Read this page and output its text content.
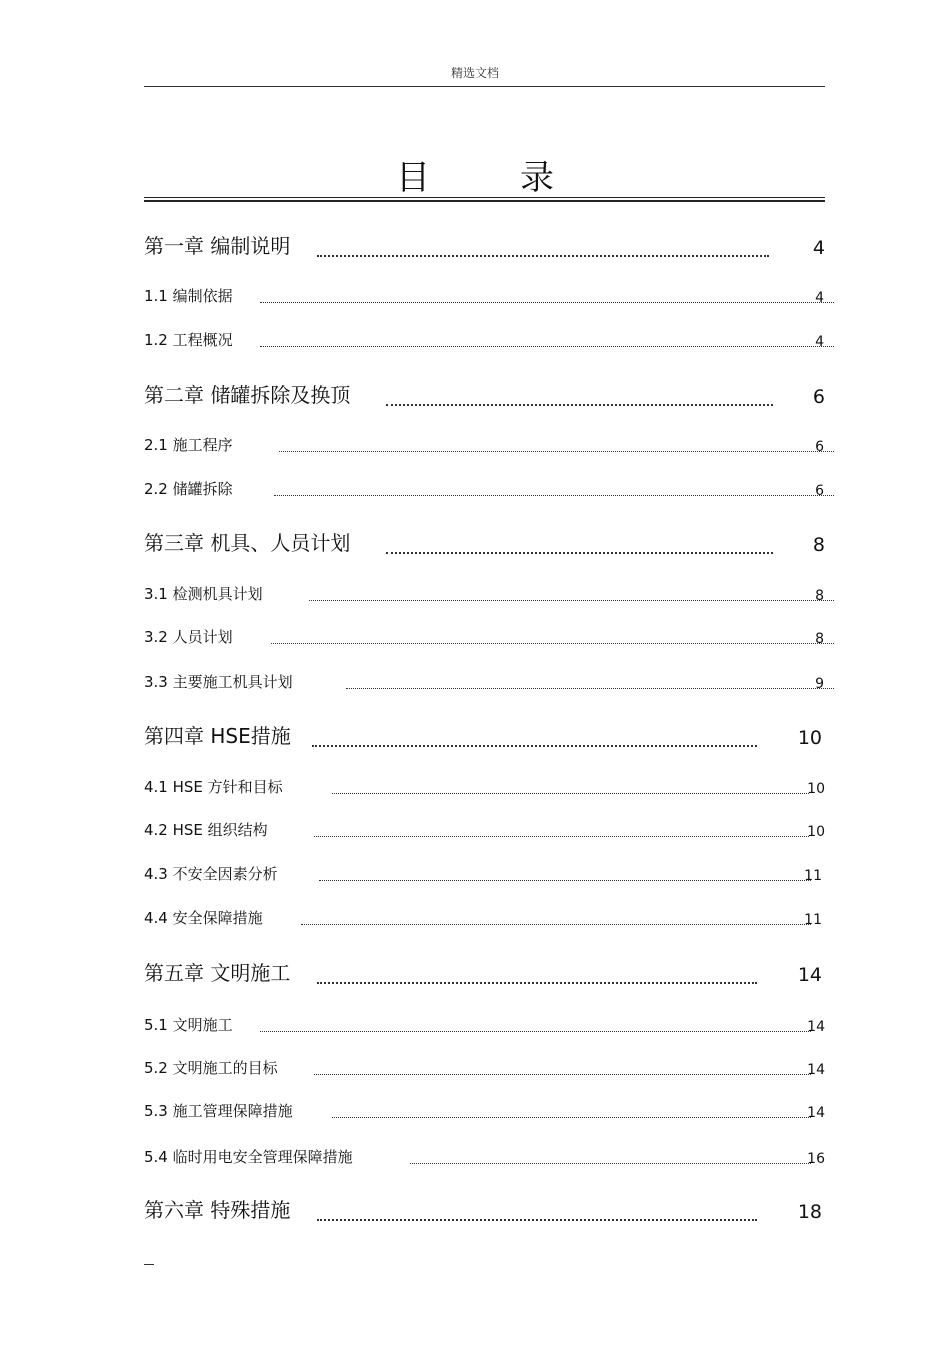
精选文档
目	录
第一章 编制说明	4
1.1 编制依据	4
1.2 工程概况	4
第二章 储罐拆除及换顶	6
2.1 施工程序	6
2.2 储罐拆除	6
第三章 机具、人员计划	8
3.1 检测机具计划	8
3.2 人员计划	8
3.3 主要施工机具计划	9
第四章 HSE措施	10
4.1 HSE 方针和目标	10
4.2 HSE 组织结构	10
4.3 不安全因素分析	11
4.4 安全保障措施	11
第五章 文明施工	14
5.1 文明施工	14
5.2 文明施工的目标	14
5.3 施工管理保障措施	14
5.4 临时用电安全管理保障措施	16
第六章 特殊措施	18
